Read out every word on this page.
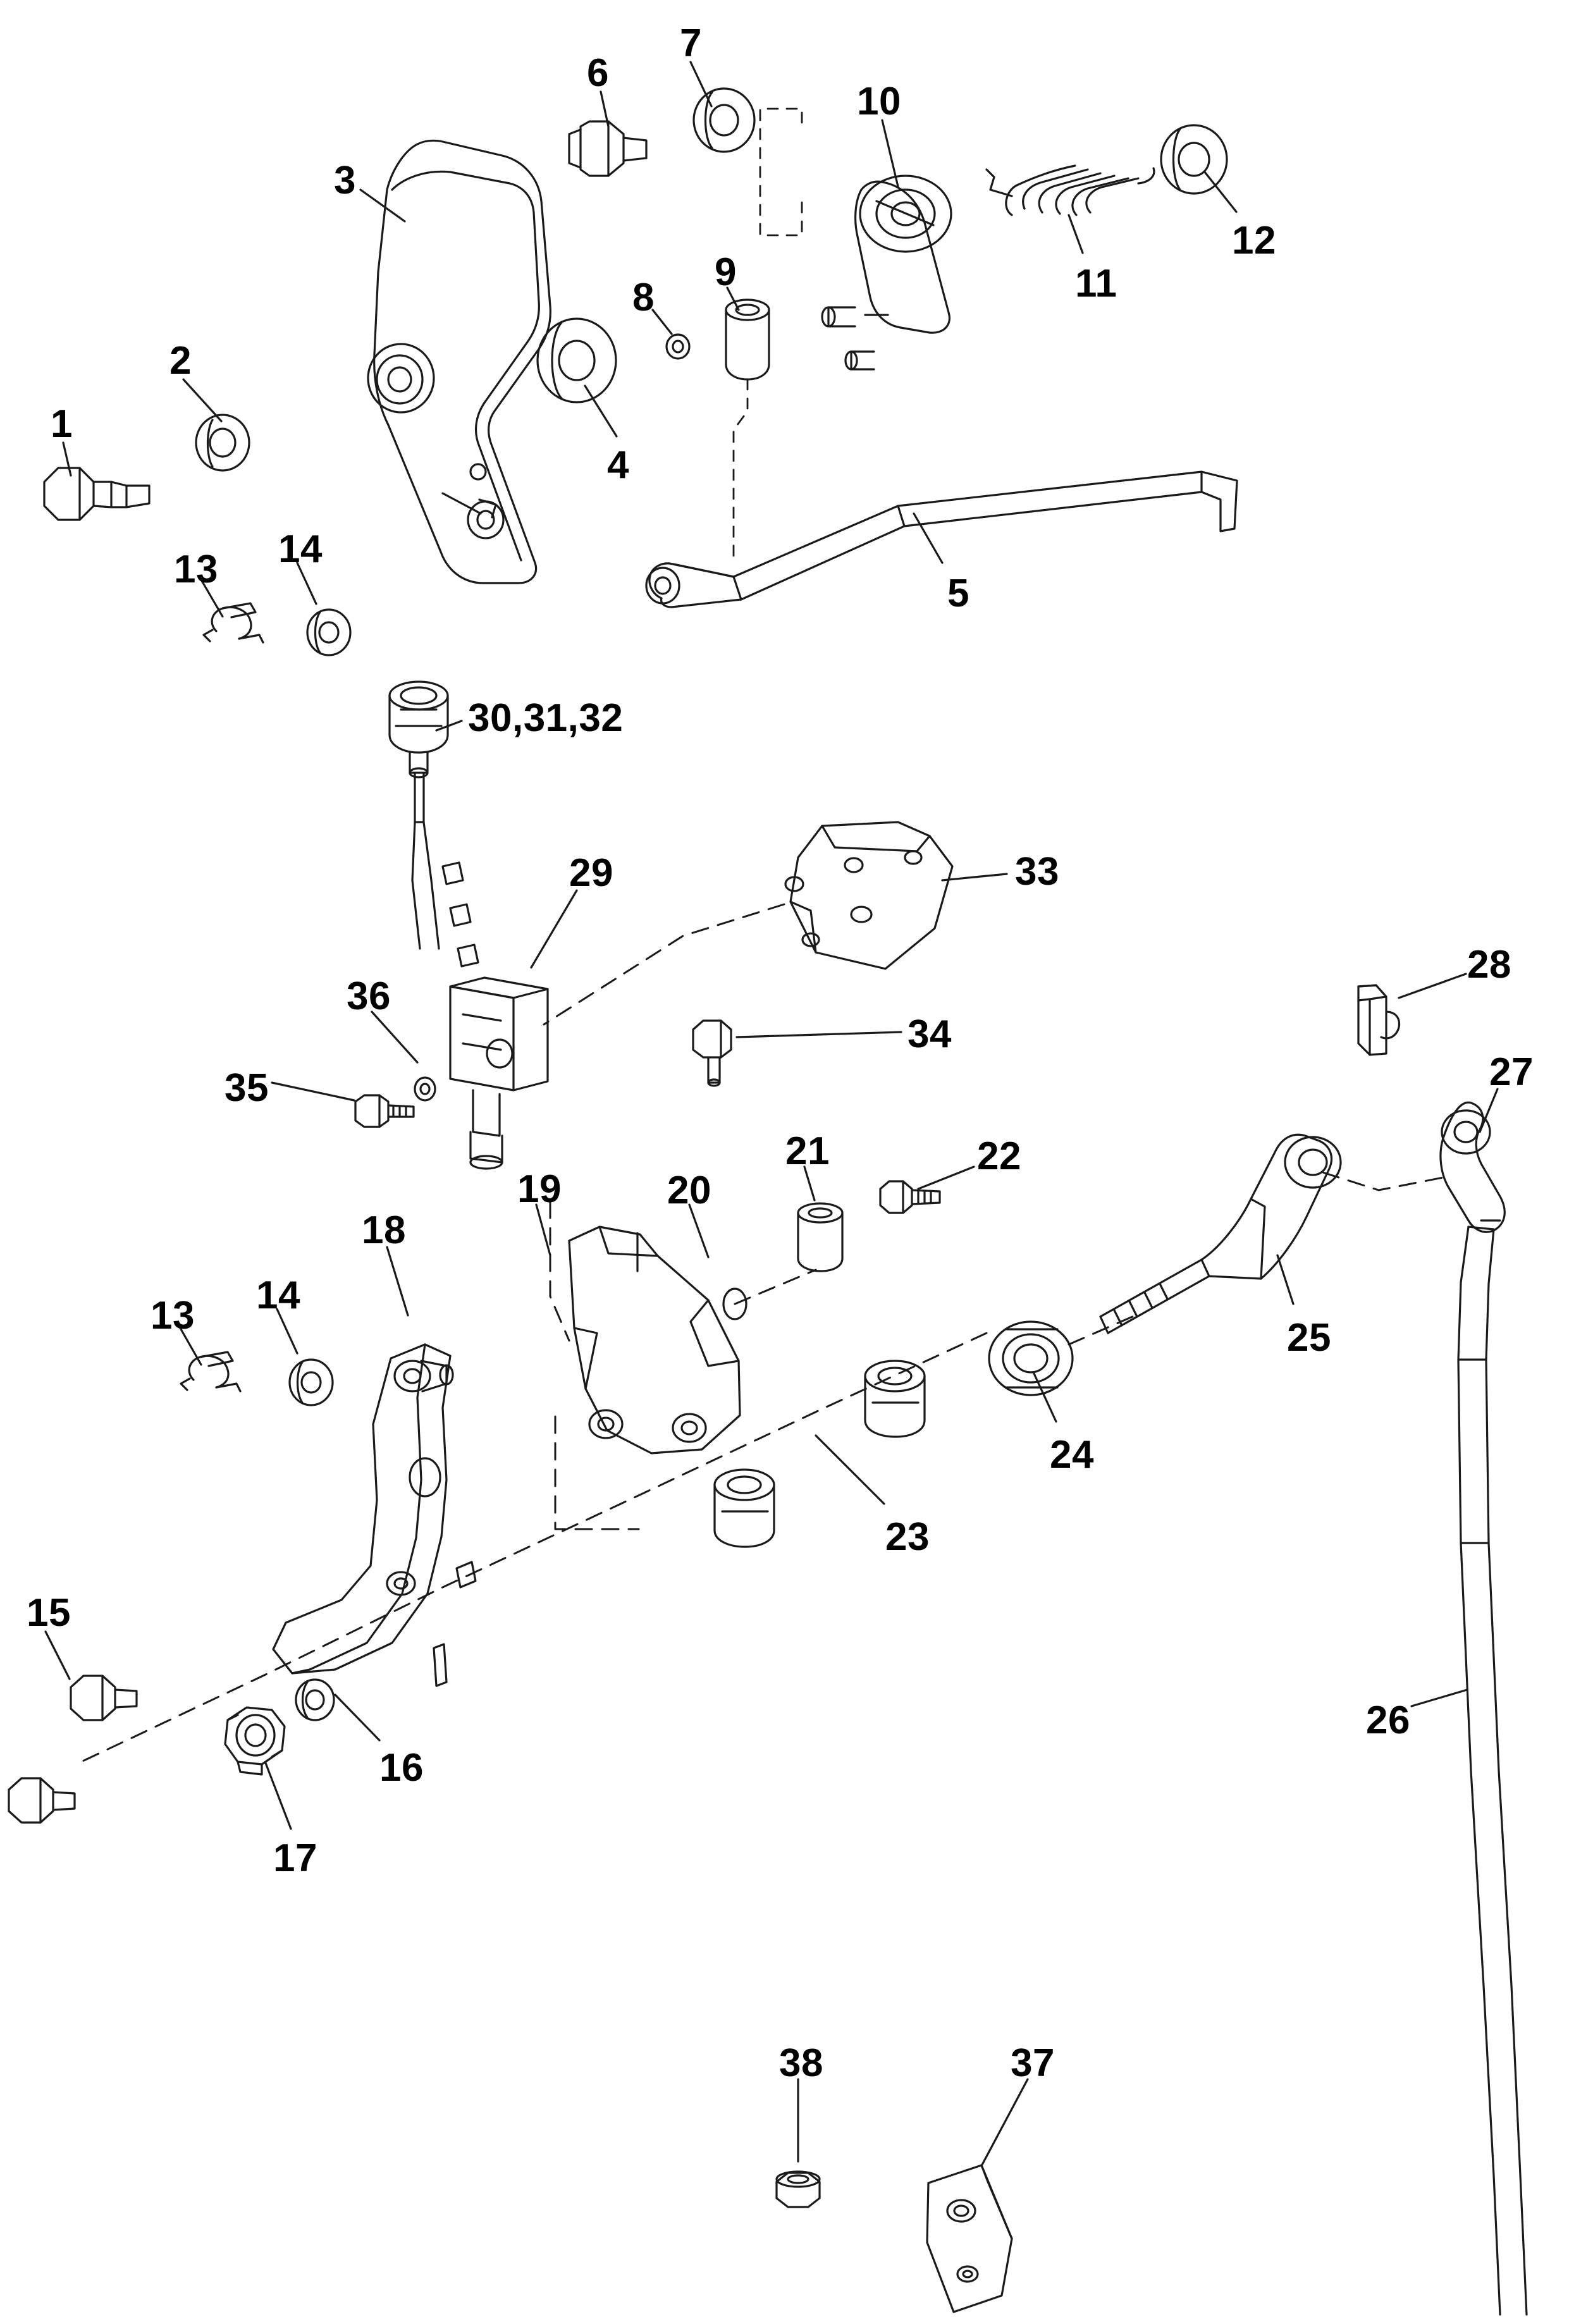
1
2
3
4
5
6
7
8
9
10
11
12
13 14
13 14
15
16
17
18
19	20
21	22
23
24
25
26
27
28
29
30,31,32
33
34
35
36
37
38
